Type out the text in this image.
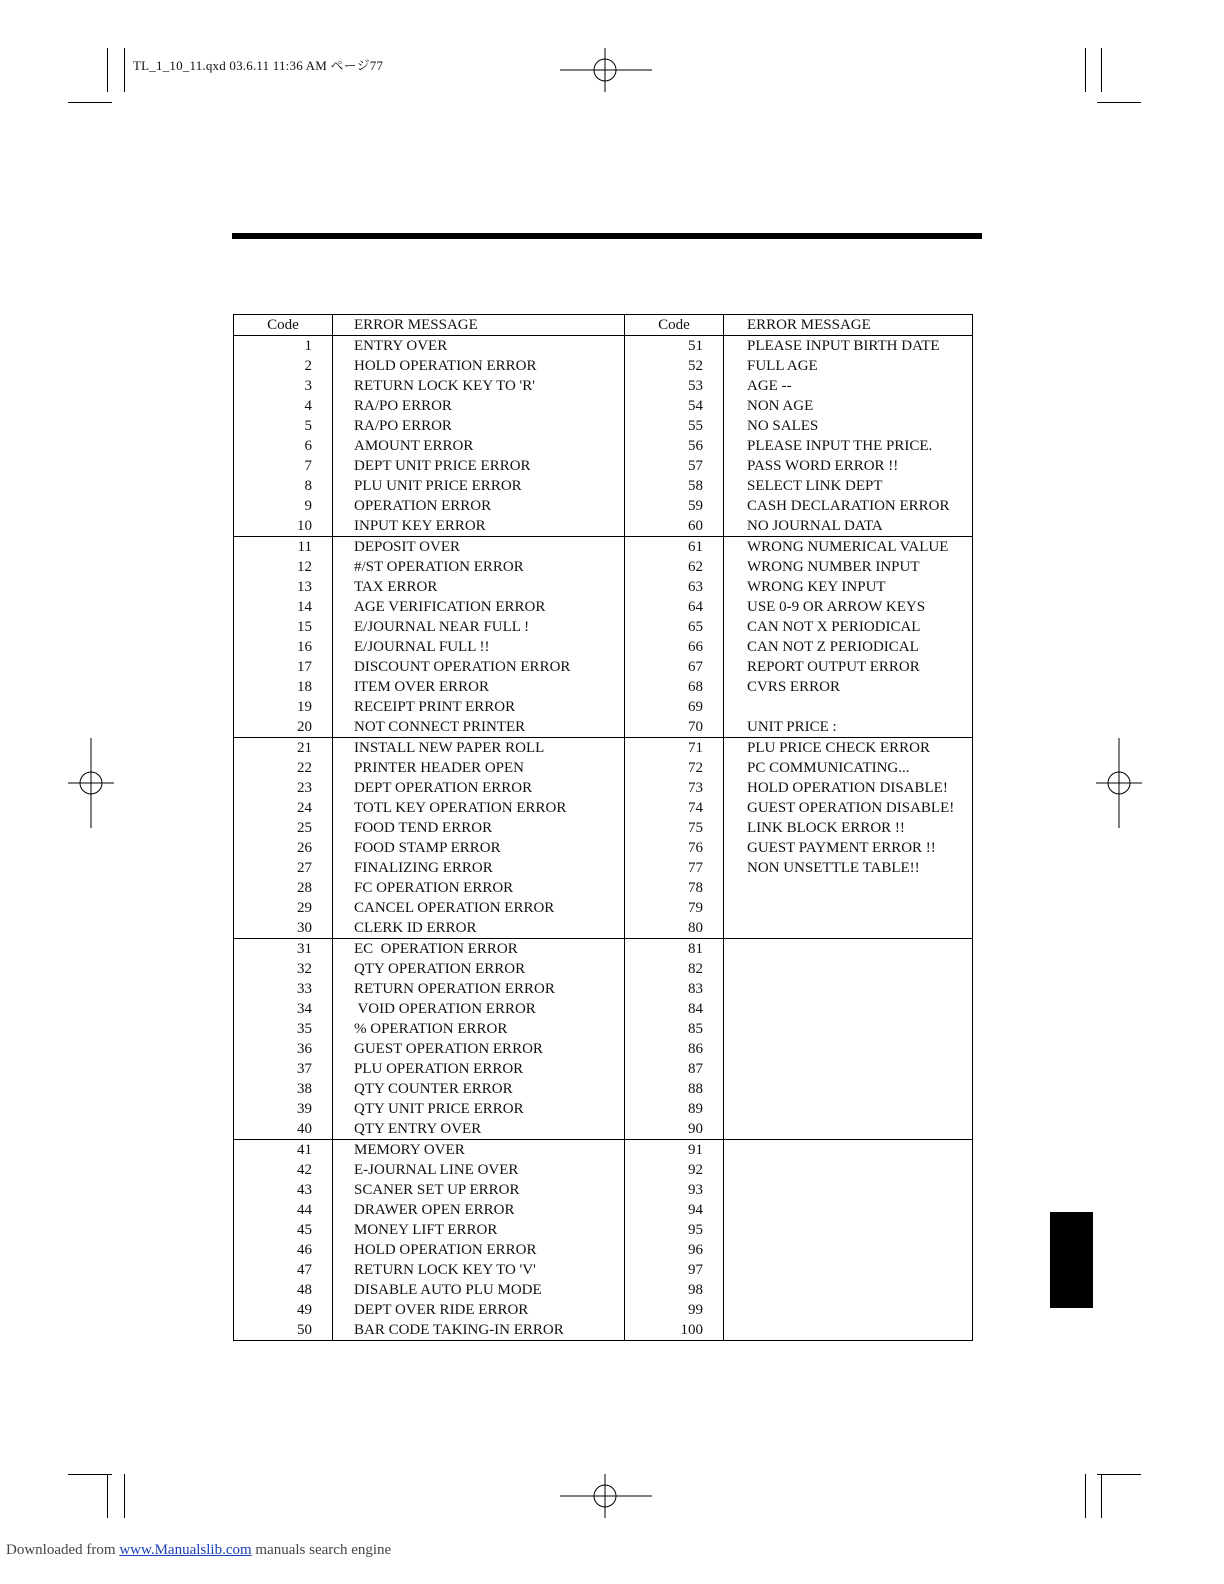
TL_1_10_11.qxd 03.6.11 11:36 AM ページ77
Code	ERROR MESSAGE	Code	ERROR MESSAGE
1	ENTRY OVER	51	PLEASE INPUT BIRTH DATE
2	HOLD OPERATION ERROR	52	FULL AGE
3	RETURN LOCK KEY TO 'R'	53	AGE --
4	RA/PO ERROR	54	NON AGE
5	RA/PO ERROR	55	NO SALES
6	AMOUNT ERROR	56	PLEASE INPUT THE PRICE.
7	DEPT UNIT PRICE ERROR	57	PASS WORD ERROR !!
8	PLU UNIT PRICE ERROR	58	SELECT LINK DEPT
9	OPERATION ERROR	59	CASH DECLARATION ERROR
10	INPUT KEY ERROR	60	NO JOURNAL DATA
11	DEPOSIT OVER	61	WRONG NUMERICAL VALUE
12	#/ST OPERATION ERROR	62	WRONG NUMBER INPUT
13	TAX ERROR	63	WRONG KEY INPUT
14	AGE VERIFICATION ERROR	64	USE 0-9 OR ARROW KEYS
15	E/JOURNAL NEAR FULL !	65	CAN NOT X PERIODICAL
16	E/JOURNAL FULL !!	66	CAN NOT Z PERIODICAL
17	DISCOUNT OPERATION ERROR	67	REPORT OUTPUT ERROR
18	ITEM OVER ERROR	68	CVRS ERROR
19	RECEIPT PRINT ERROR	69	
20	NOT CONNECT PRINTER	70	UNIT PRICE :
21	INSTALL NEW PAPER ROLL	71	PLU PRICE CHECK ERROR
22	PRINTER HEADER OPEN	72	PC COMMUNICATING...
23	DEPT OPERATION ERROR	73	HOLD OPERATION DISABLE!
24	TOTL KEY OPERATION ERROR	74	GUEST OPERATION DISABLE!
25	FOOD TEND ERROR	75	LINK BLOCK ERROR !!
26	FOOD STAMP ERROR	76	GUEST PAYMENT ERROR !!
27	FINALIZING ERROR	77	NON UNSETTLE TABLE!!
28	FC OPERATION ERROR	78	
29	CANCEL OPERATION ERROR	79	
30	CLERK ID ERROR	80	
31	EC  OPERATION ERROR	81	
32	QTY OPERATION ERROR	82	
33	RETURN OPERATION ERROR	83	
34	VOID OPERATION ERROR	84	
35	% OPERATION ERROR	85	
36	GUEST OPERATION ERROR	86	
37	PLU OPERATION ERROR	87	
38	QTY COUNTER ERROR	88	
39	QTY UNIT PRICE ERROR	89	
40	QTY ENTRY OVER	90	
41	MEMORY OVER	91	
42	E-JOURNAL LINE OVER	92	
43	SCANER SET UP ERROR	93	
44	DRAWER OPEN ERROR	94	
45	MONEY LIFT ERROR	95	
46	HOLD OPERATION ERROR	96	
47	RETURN LOCK KEY TO 'V'	97	
48	DISABLE AUTO PLU MODE	98	
49	DEPT OVER RIDE ERROR	99	
50	BAR CODE TAKING-IN ERROR	100	
Downloaded from www.Manualslib.com manuals search engine
